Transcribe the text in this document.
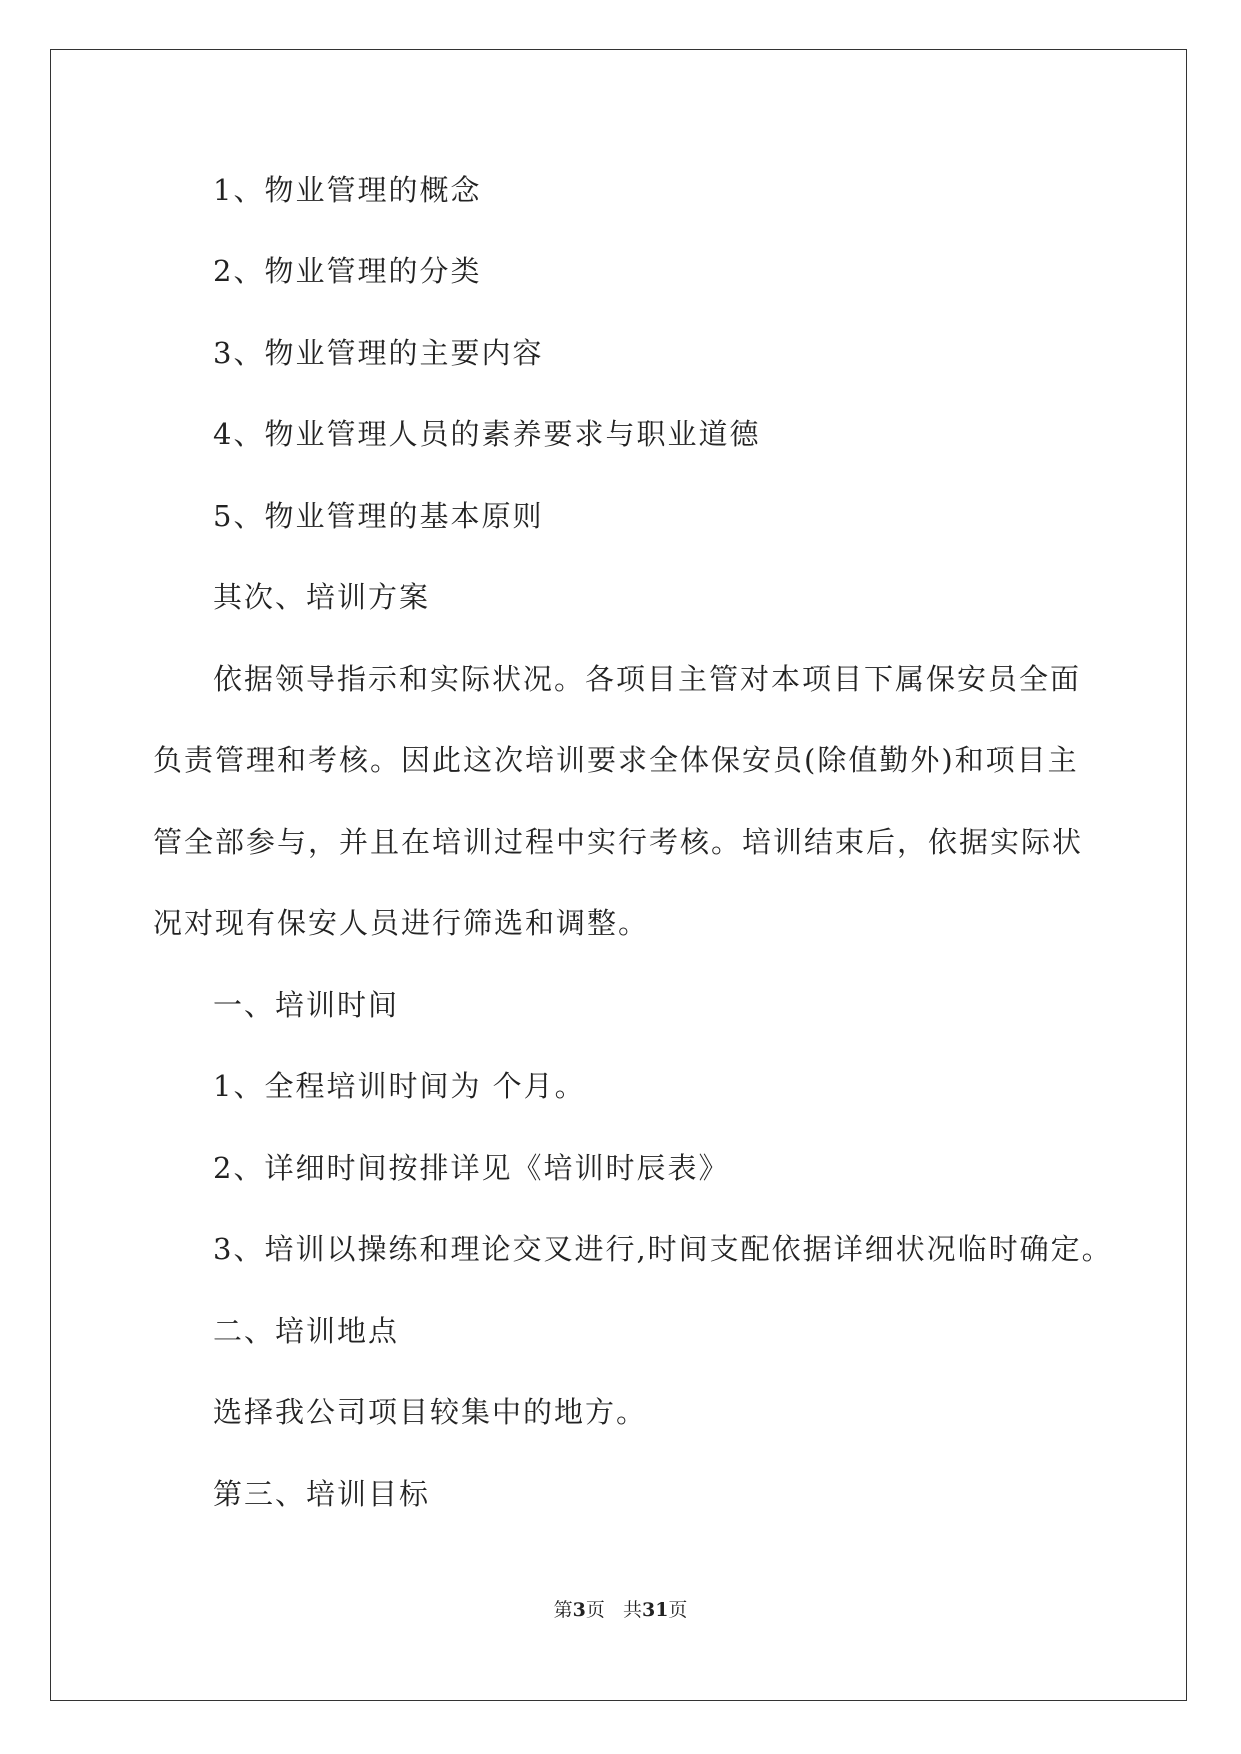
1、物业管理的概念
2、物业管理的分类
3、物业管理的主要内容
4、物业管理人员的素养要求与职业道德
5、物业管理的基本原则
其次、培训方案
依据领导指示和实际状况。各项目主管对本项目下属保安员全面
负责管理和考核。因此这次培训要求全体保安员(除值勤外)和项目主
管全部参与，并且在培训过程中实行考核。培训结束后，依据实际状
况对现有保安人员进行筛选和调整。
一、培训时间
1、全程培训时间为 个月。
2、详细时间按排详见《培训时辰表》
3、培训以操练和理论交叉进行,时间支配依据详细状况临时确定。
二、培训地点
选择我公司项目较集中的地方。
第三、培训目标
第3页 共31页
